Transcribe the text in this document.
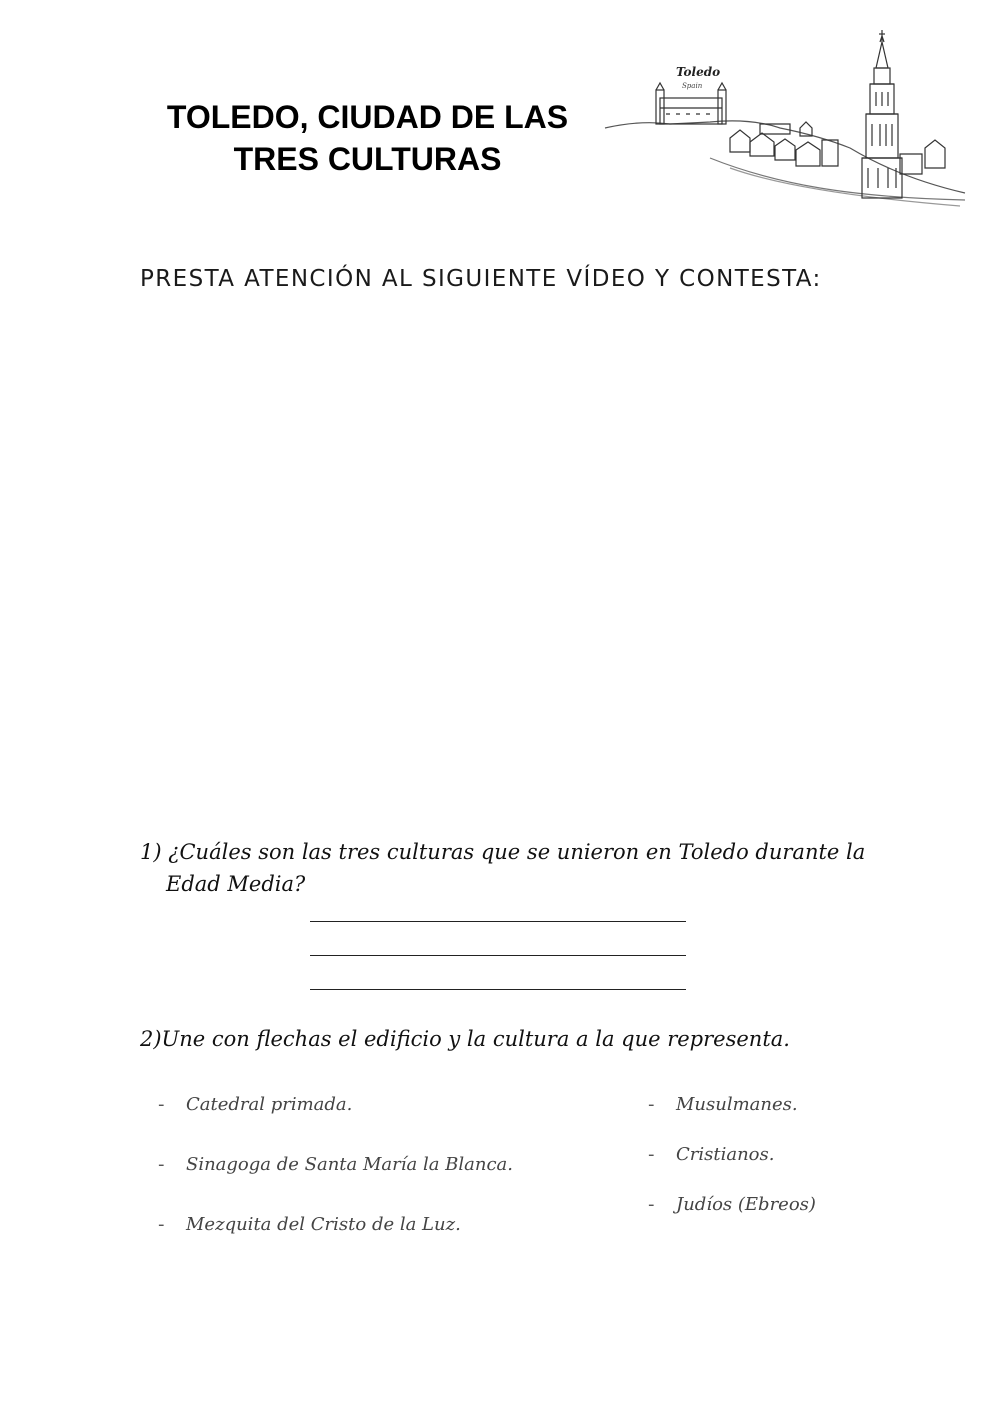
TOLEDO, CIUDAD DE LAS
TRES CULTURAS
Toledo
Spain
PRESTA ATENCIÓN AL SIGUIENTE VÍDEO Y CONTESTA:
1) ¿Cuáles son las tres culturas que se unieron en Toledo durante la
Edad Media?
2)Une con flechas el edificio y la cultura a la que representa.
- Catedral primada.
- Sinagoga de Santa María la Blanca.
- Mezquita del Cristo de la Luz.
- Musulmanes.
- Cristianos.
- Judíos (Ebreos)
